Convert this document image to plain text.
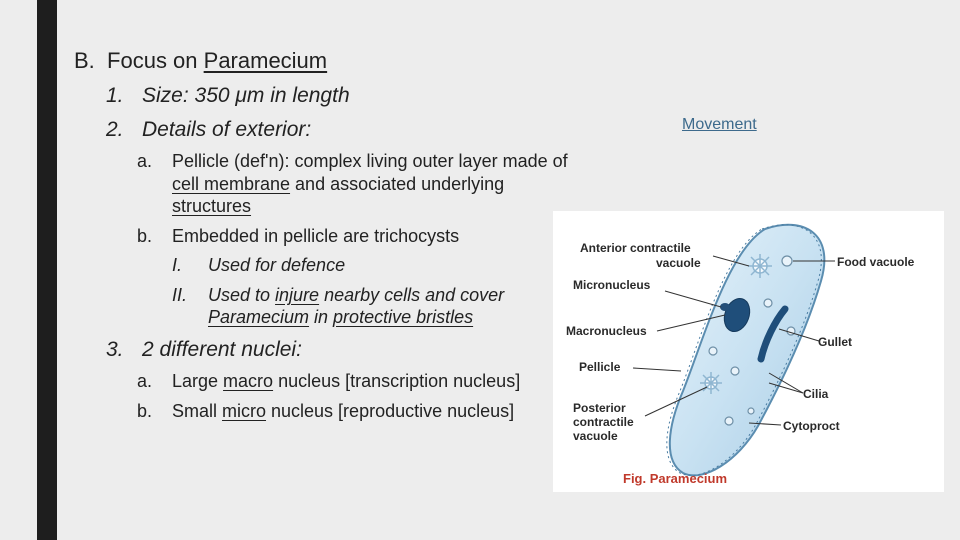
B. Focus on Paramecium
1. Size: 350 μm in length
2. Details of exterior:
a. Pellicle (def'n): complex living outer layer made of
cell membrane and associated underlying
structures
b. Embedded in pellicle are trichocysts
I. Used for defence
II. Used to injure nearby cells and cover
Paramecium in protective bristles
3. 2 different nuclei:
a. Large macro nucleus [transcription nucleus]
b. Small micro nucleus [reproductive nucleus]
Movement
Anterior contractile
vacuole	Food vacuole
Micronucleus
Macronucleus
Gullet
Pellicle
Cilia
Posterior
contractile
vacuole
Cytoproct
Fig. Paramecium
